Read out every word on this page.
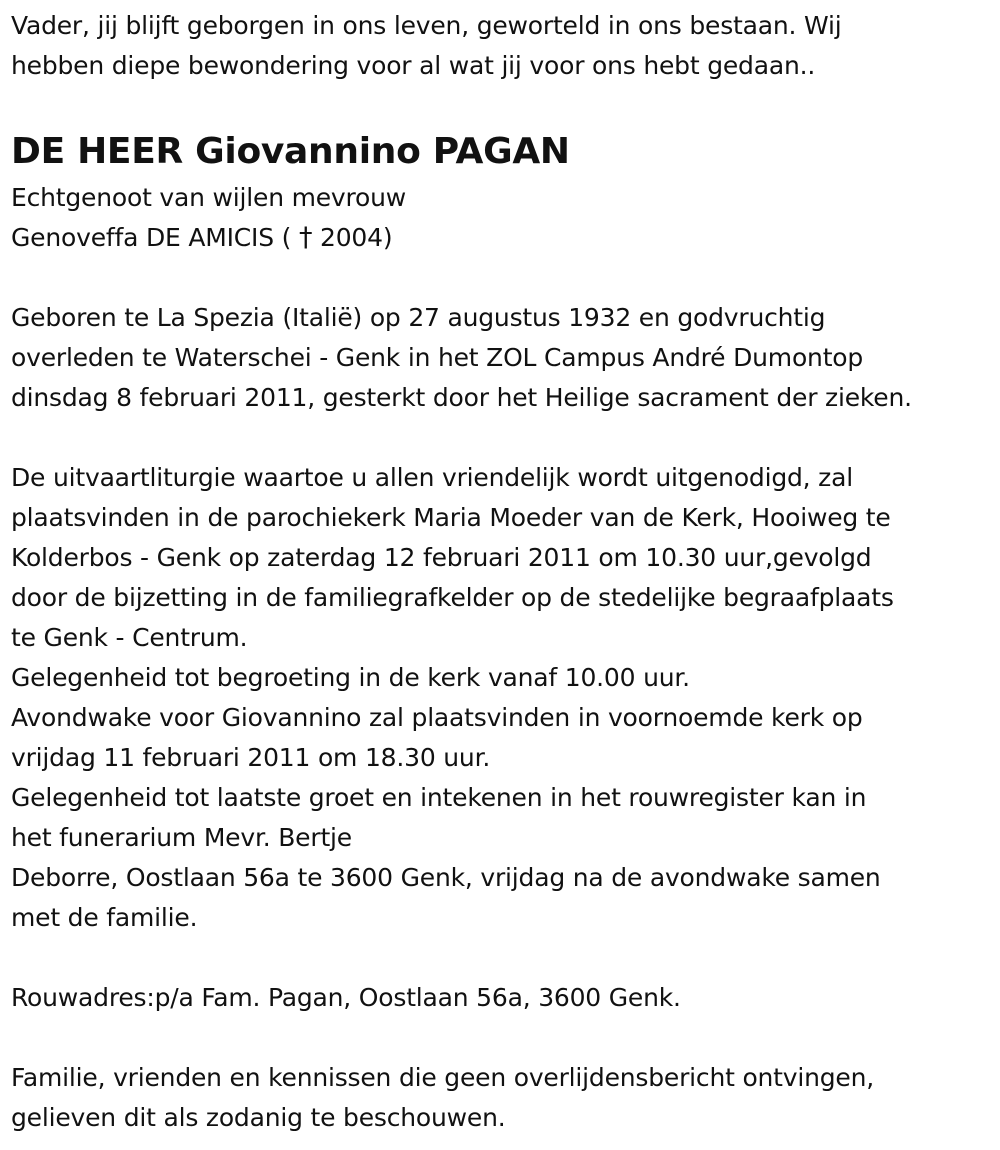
Vader, jij blijft geborgen in ons leven, geworteld in ons bestaan. Wij
hebben diepe bewondering voor al wat jij voor ons hebt gedaan..
DE HEER Giovannino PAGAN
Echtgenoot van wijlen mevrouw
Genoveffa DE AMICIS ( † 2004)
Geboren te La Spezia (Italië) op 27 augustus 1932 en godvruchtig
overleden te Waterschei - Genk in het ZOL Campus André Dumontop
dinsdag 8 februari 2011, gesterkt door het Heilige sacrament der zieken.
De uitvaartliturgie waartoe u allen vriendelijk wordt uitgenodigd, zal
plaatsvinden in de parochiekerk Maria Moeder van de Kerk, Hooiweg te
Kolderbos - Genk op zaterdag 12 februari 2011 om 10.30 uur,gevolgd
door de bijzetting in de familiegrafkelder op de stedelijke begraafplaats
te Genk - Centrum.
Gelegenheid tot begroeting in de kerk vanaf 10.00 uur.
Avondwake voor Giovannino zal plaatsvinden in voornoemde kerk op
vrijdag 11 februari 2011 om 18.30 uur.
Gelegenheid tot laatste groet en intekenen in het rouwregister kan in
het funerarium Mevr. Bertje
Deborre, Oostlaan 56a te 3600 Genk, vrijdag na de avondwake samen
met de familie.
Rouwadres:p/a Fam. Pagan, Oostlaan 56a, 3600 Genk.
Familie, vrienden en kennissen die geen overlijdensbericht ontvingen,
gelieven dit als zodanig te beschouwen.
